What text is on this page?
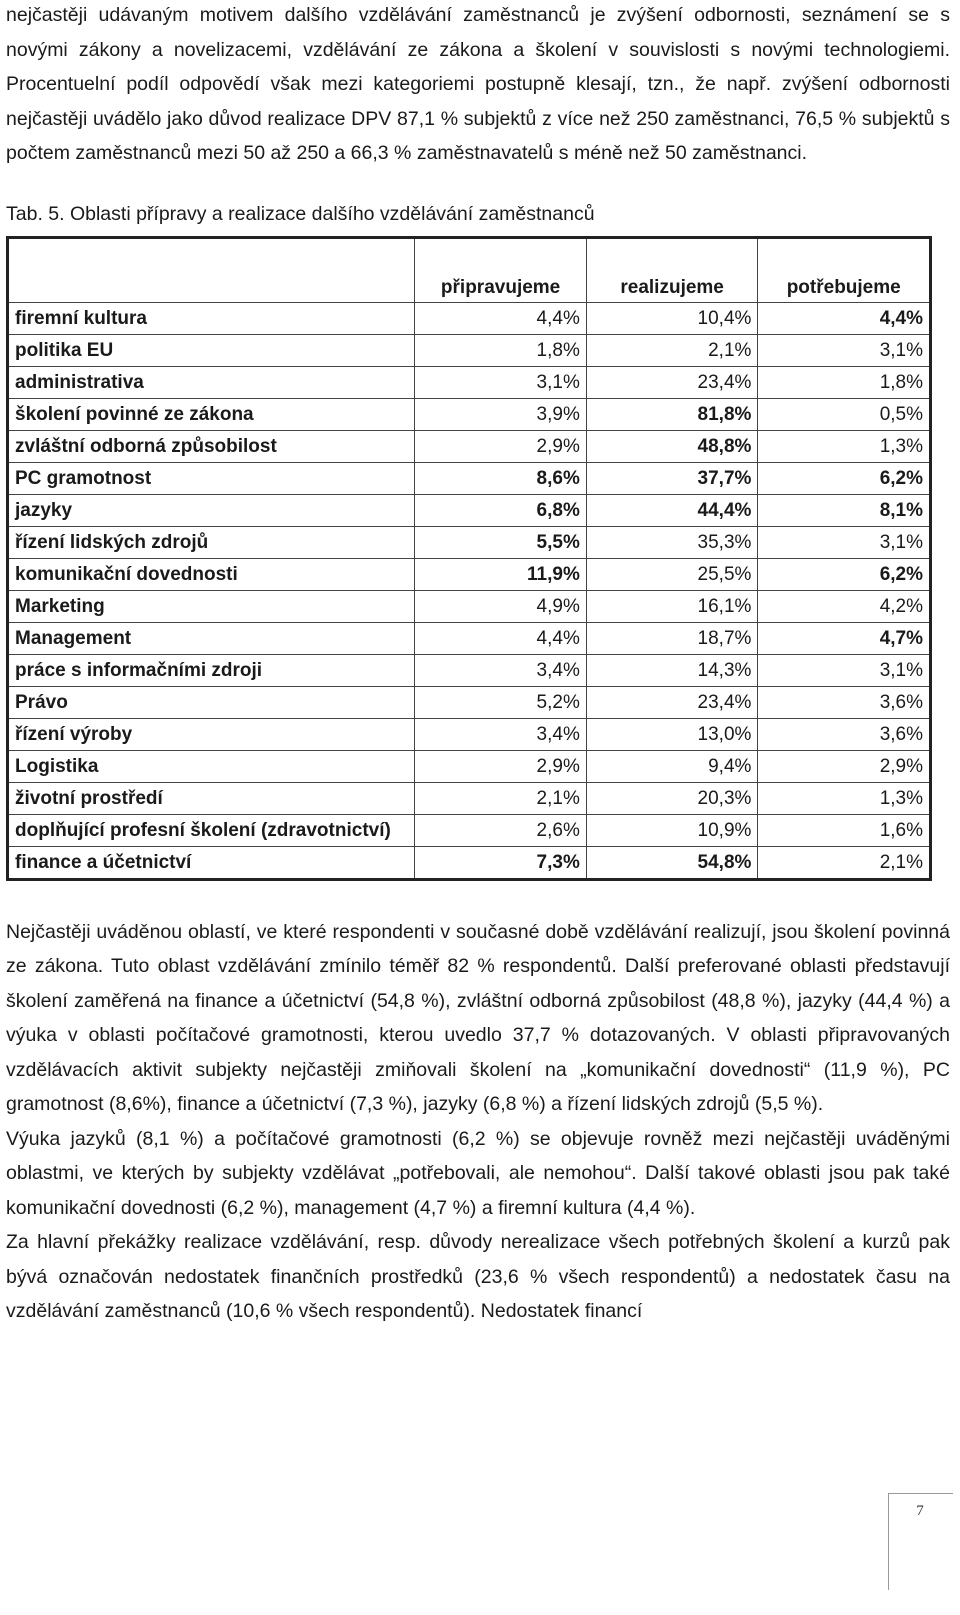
nejčastěji udávaným motivem dalšího vzdělávání zaměstnanců je zvýšení odbornosti, seznámení se s novými zákony a novelizacemi, vzdělávání ze zákona a školení v souvislosti s novými technologiemi. Procentuelní podíl odpovědí však mezi kategoriemi postupně klesají, tzn., že např. zvýšení odbornosti nejčastěji uvádělo jako důvod realizace DPV 87,1 % subjektů z více než 250 zaměstnanci, 76,5 % subjektů s počtem zaměstnanců mezi 50 až 250 a 66,3 % zaměstnavatelů s méně než 50 zaměstnanci.

Tab. 5. Oblasti přípravy a realizace dalšího vzdělávání zaměstnanců

	připravujeme	realizujeme	potřebujeme
firemní kultura	4,4%	10,4%	4,4%
politika EU	1,8%	2,1%	3,1%
administrativa	3,1%	23,4%	1,8%
školení povinné ze zákona	3,9%	81,8%	0,5%
zvláštní odborná způsobilost	2,9%	48,8%	1,3%
PC gramotnost	8,6%	37,7%	6,2%
jazyky	6,8%	44,4%	8,1%
řízení lidských zdrojů	5,5%	35,3%	3,1%
komunikační dovednosti	11,9%	25,5%	6,2%
Marketing	4,9%	16,1%	4,2%
Management	4,4%	18,7%	4,7%
práce s informačními zdroji	3,4%	14,3%	3,1%
Právo	5,2%	23,4%	3,6%
řízení výroby	3,4%	13,0%	3,6%
Logistika	2,9%	9,4%	2,9%
životní prostředí	2,1%	20,3%	1,3%
doplňující profesní školení (zdravotnictví)	2,6%	10,9%	1,6%
finance a účetnictví	7,3%	54,8%	2,1%

Nejčastěji uváděnou oblastí, ve které respondenti v současné době vzdělávání realizují, jsou školení povinná ze zákona. Tuto oblast vzdělávání zmínilo téměř 82 % respondentů. Další preferované oblasti představují školení zaměřená na finance a účetnictví (54,8 %), zvláštní odborná způsobilost (48,8 %), jazyky (44,4 %) a výuka v oblasti počítačové gramotnosti, kterou uvedlo 37,7 % dotazovaných. V oblasti připravovaných vzdělávacích aktivit subjekty nejčastěji zmiňovali školení na „komunikační dovednosti“ (11,9 %), PC gramotnost (8,6%), finance a účetnictví (7,3 %), jazyky (6,8 %) a řízení lidských zdrojů (5,5 %).

Výuka jazyků (8,1 %) a počítačové gramotnosti (6,2 %) se objevuje rovněž mezi nejčastěji uváděnými oblastmi, ve kterých by subjekty vzdělávat „potřebovali, ale nemohou“. Další takové oblasti jsou pak také komunikační dovednosti (6,2 %), management (4,7 %) a firemní kultura (4,4 %).

Za hlavní překážky realizace vzdělávání, resp. důvody nerealizace všech potřebných školení a kurzů pak bývá označován nedostatek finančních prostředků (23,6 % všech respondentů) a nedostatek času na vzdělávání zaměstnanců (10,6 % všech respondentů). Nedostatek financí

7
